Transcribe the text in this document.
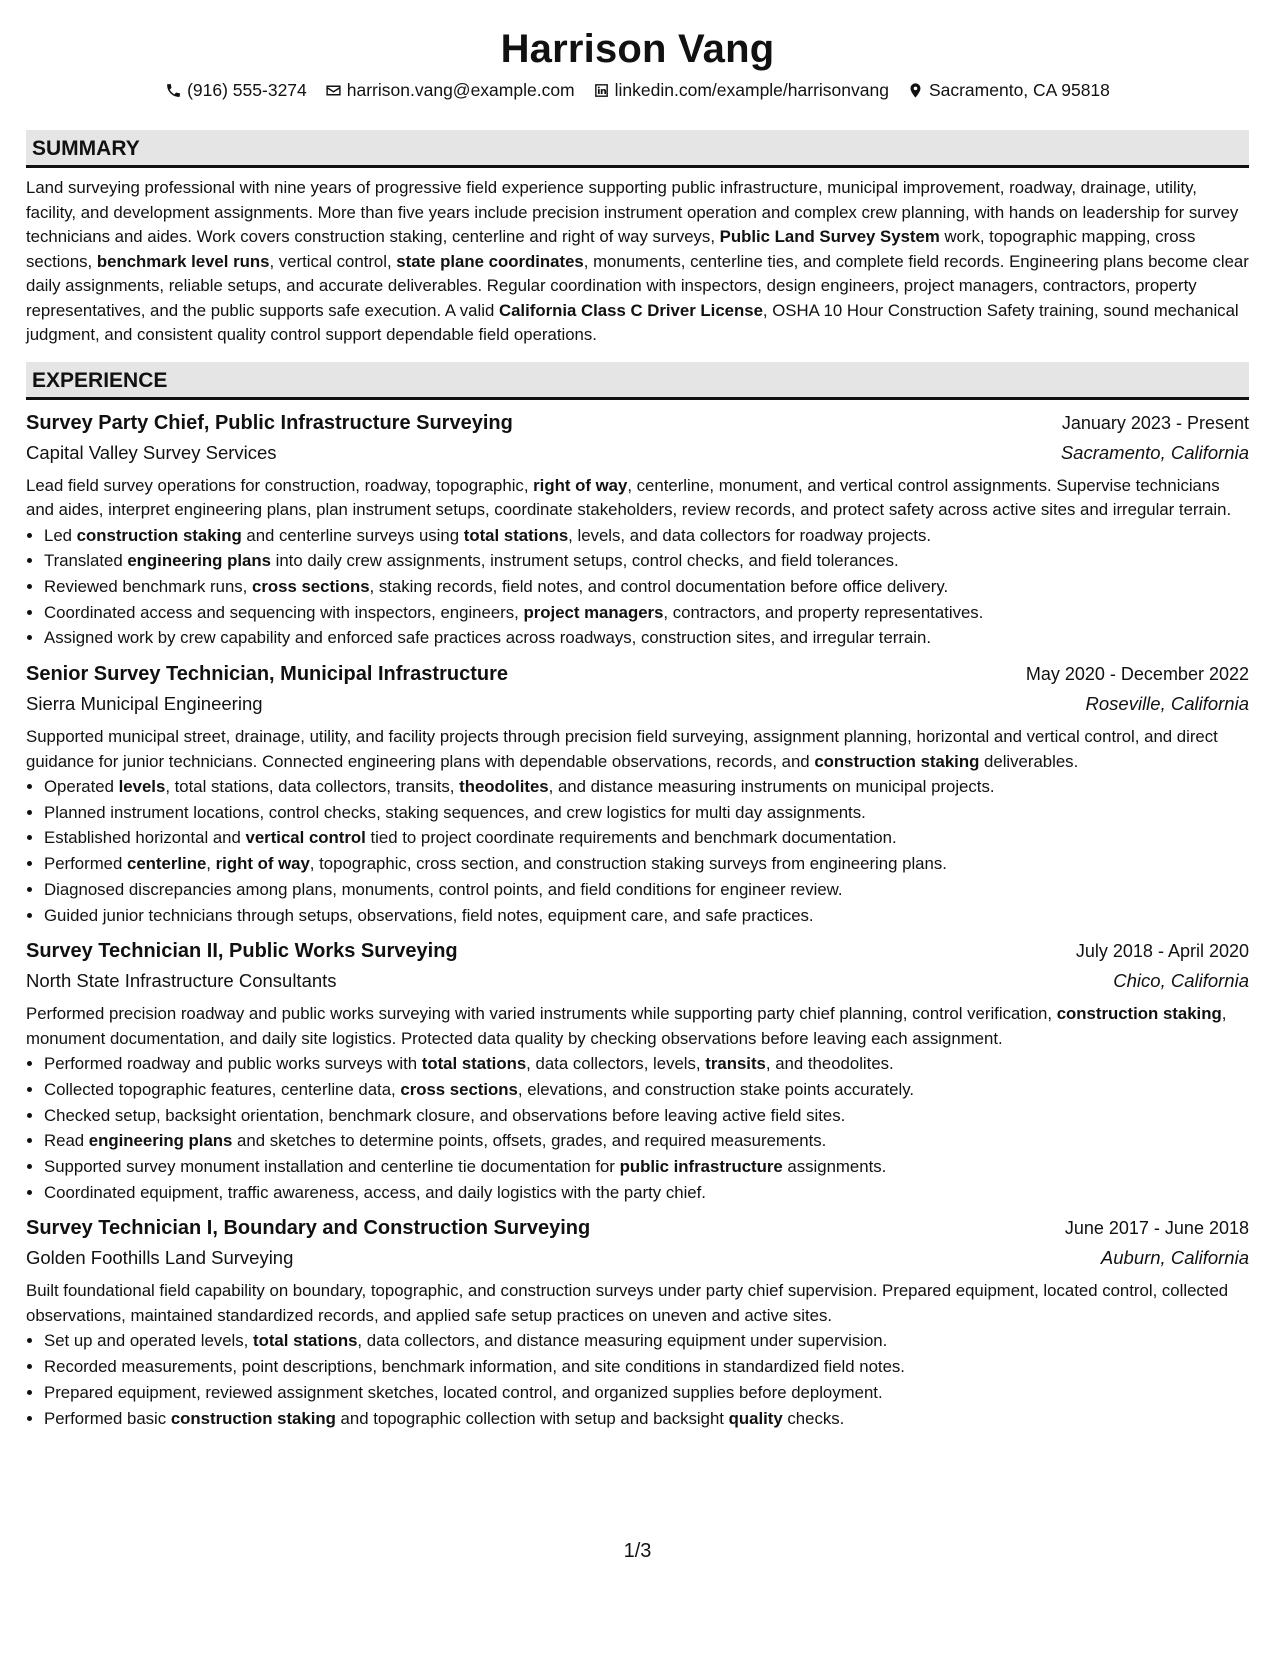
Harrison Vang
(916) 555-3274 harrison.vang@example.com linkedin.com/example/harrisonvang Sacramento, CA 95818
SUMMARY

Land surveying professional with nine years of progressive field experience supporting public infrastructure, municipal improvement, roadway, drainage, utility, facility, and development assignments. More than five years include precision instrument operation and complex crew planning, with hands on leadership for survey technicians and aides. Work covers construction staking, centerline and right of way surveys, Public Land Survey System work, topographic mapping, cross sections, benchmark level runs, vertical control, state plane coordinates, monuments, centerline ties, and complete field records. Engineering plans become clear daily assignments, reliable setups, and accurate deliverables. Regular coordination with inspectors, design engineers, project managers, contractors, property representatives, and the public supports safe execution. A valid California Class C Driver License, OSHA 10 Hour Construction Safety training, sound mechanical judgment, and consistent quality control support dependable field operations.

EXPERIENCE
Survey Party Chief, Public Infrastructure Surveying	January 2023 - Present
Capital Valley Survey Services	Sacramento, California

Lead field survey operations for construction, roadway, topographic, right of way, centerline, monument, and vertical control assignments. Supervise technicians and aides, interpret engineering plans, plan instrument setups, coordinate stakeholders, review records, and protect safety across active sites and irregular terrain.

• Led construction staking and centerline surveys using total stations, levels, and data collectors for roadway projects.
• Translated engineering plans into daily crew assignments, instrument setups, control checks, and field tolerances.
• Reviewed benchmark runs, cross sections, staking records, field notes, and control documentation before office delivery.
• Coordinated access and sequencing with inspectors, engineers, project managers, contractors, and property representatives.
• Assigned work by crew capability and enforced safe practices across roadways, construction sites, and irregular terrain.
Senior Survey Technician, Municipal Infrastructure	May 2020 - December 2022
Sierra Municipal Engineering	Roseville, California

Supported municipal street, drainage, utility, and facility projects through precision field surveying, assignment planning, horizontal and vertical control, and direct guidance for junior technicians. Connected engineering plans with dependable observations, records, and construction staking deliverables.

• Operated levels, total stations, data collectors, transits, theodolites, and distance measuring instruments on municipal projects.
• Planned instrument locations, control checks, staking sequences, and crew logistics for multi day assignments.
• Established horizontal and vertical control tied to project coordinate requirements and benchmark documentation.
• Performed centerline, right of way, topographic, cross section, and construction staking surveys from engineering plans.
• Diagnosed discrepancies among plans, monuments, control points, and field conditions for engineer review.
• Guided junior technicians through setups, observations, field notes, equipment care, and safe practices.
Survey Technician II, Public Works Surveying	July 2018 - April 2020
North State Infrastructure Consultants	Chico, California

Performed precision roadway and public works surveying with varied instruments while supporting party chief planning, control verification, construction staking, monument documentation, and daily site logistics. Protected data quality by checking observations before leaving each assignment.

• Performed roadway and public works surveys with total stations, data collectors, levels, transits, and theodolites.
• Collected topographic features, centerline data, cross sections, elevations, and construction stake points accurately.
• Checked setup, backsight orientation, benchmark closure, and observations before leaving active field sites.
• Read engineering plans and sketches to determine points, offsets, grades, and required measurements.
• Supported survey monument installation and centerline tie documentation for public infrastructure assignments.
• Coordinated equipment, traffic awareness, access, and daily logistics with the party chief.
Survey Technician I, Boundary and Construction Surveying	June 2017 - June 2018
Golden Foothills Land Surveying	Auburn, California

Built foundational field capability on boundary, topographic, and construction surveys under party chief supervision. Prepared equipment, located control, collected observations, maintained standardized records, and applied safe setup practices on uneven and active sites.

• Set up and operated levels, total stations, data collectors, and distance measuring equipment under supervision.
• Recorded measurements, point descriptions, benchmark information, and site conditions in standardized field notes.
• Prepared equipment, reviewed assignment sketches, located control, and organized supplies before deployment.
• Performed basic construction staking and topographic collection with setup and backsight quality checks.
1/3
